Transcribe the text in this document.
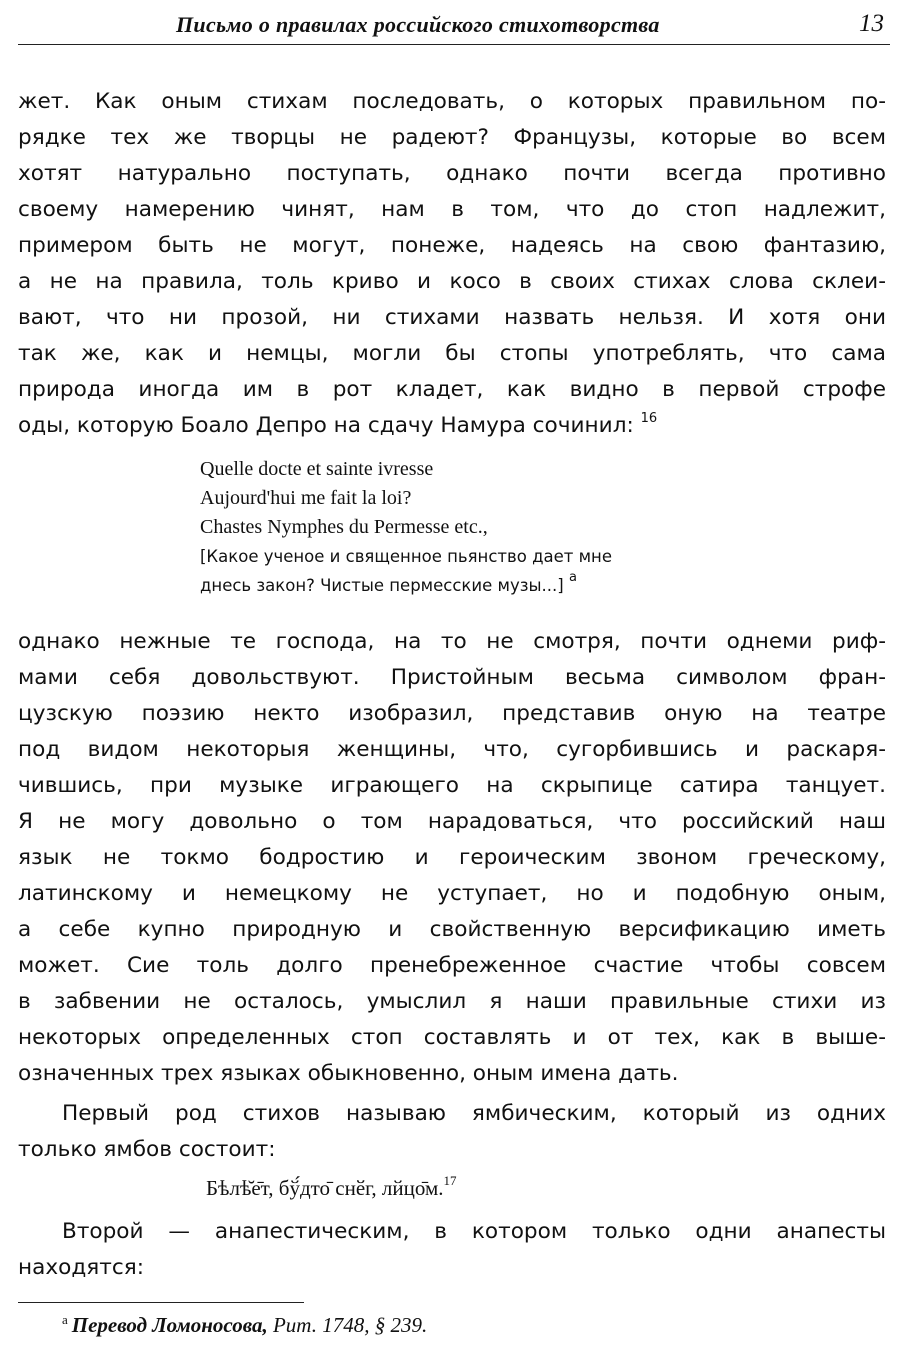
Письмо о правилах российского стихотворства	13
жет. Как оным стихам последовать, о которых правильном по-
рядке тех же творцы не радеют? Французы, которые во всем
хотят натурально поступать, однако почти всегда противно
своему намерению чинят, нам в том, что до стоп надлежит,
примером быть не могут, понеже, надеясь на свою фантазию,
а не на правила, толь криво и косо в своих стихах слова склеи-
вают, что ни прозой, ни стихами назвать нельзя. И хотя они
так же, как и немцы, могли бы стопы употреблять, что сама
природа иногда им в рот кладет, как видно в первой строфе
оды, которую Боало Депро на сдачу Намура сочинил: $^{16}$
Quelle docte et sainte ivresse
Aujourd'hui me fait la loi?
Chastes Nymphes du Permesse etc.,
[Какое ученое и священное пьянство дает мне
днесь закон? Чистые пермесские музы...] $^а$
однако нежные те господа, на то не смотря, почти однеми риф-
мами себя довольствуют. Пристойным весьма символом фран-
цузскую поэзию некто изобразил, представив оную на театре
под видом некоторыя женщины, что, сугорбившись и раскаря-
чившись, при музыке играющего на скрыпице сатира танцует.
Я не могу довольно о том нарадоваться, что российский наш
язык не токмо бодростию и героическим звоном греческому,
латинскому и немецкому не уступает, но и подобную оным,
а себе купно природную и свойственную версификацию иметь
может. Сие толь долго пренебреженное счастие чтобы совсем
в забвении не осталось, умыслил я наши правильные стихи из
некоторых определенных стоп составлять и от тех, как в выше-
означенных трех языках обыкновенно, оным имена дать.
Первый род стихов называю ямбическим, который из одних
только ямбов состоит:
Бѣлѣ̆е̄т, бў́дто̄ снӗг, лйцо̄м.$^{17}$
Второй — анапестическим, в котором только одни анапесты
находятся:
$^а$ Перевод Ломоносова, Рит. 1748, § 239.
